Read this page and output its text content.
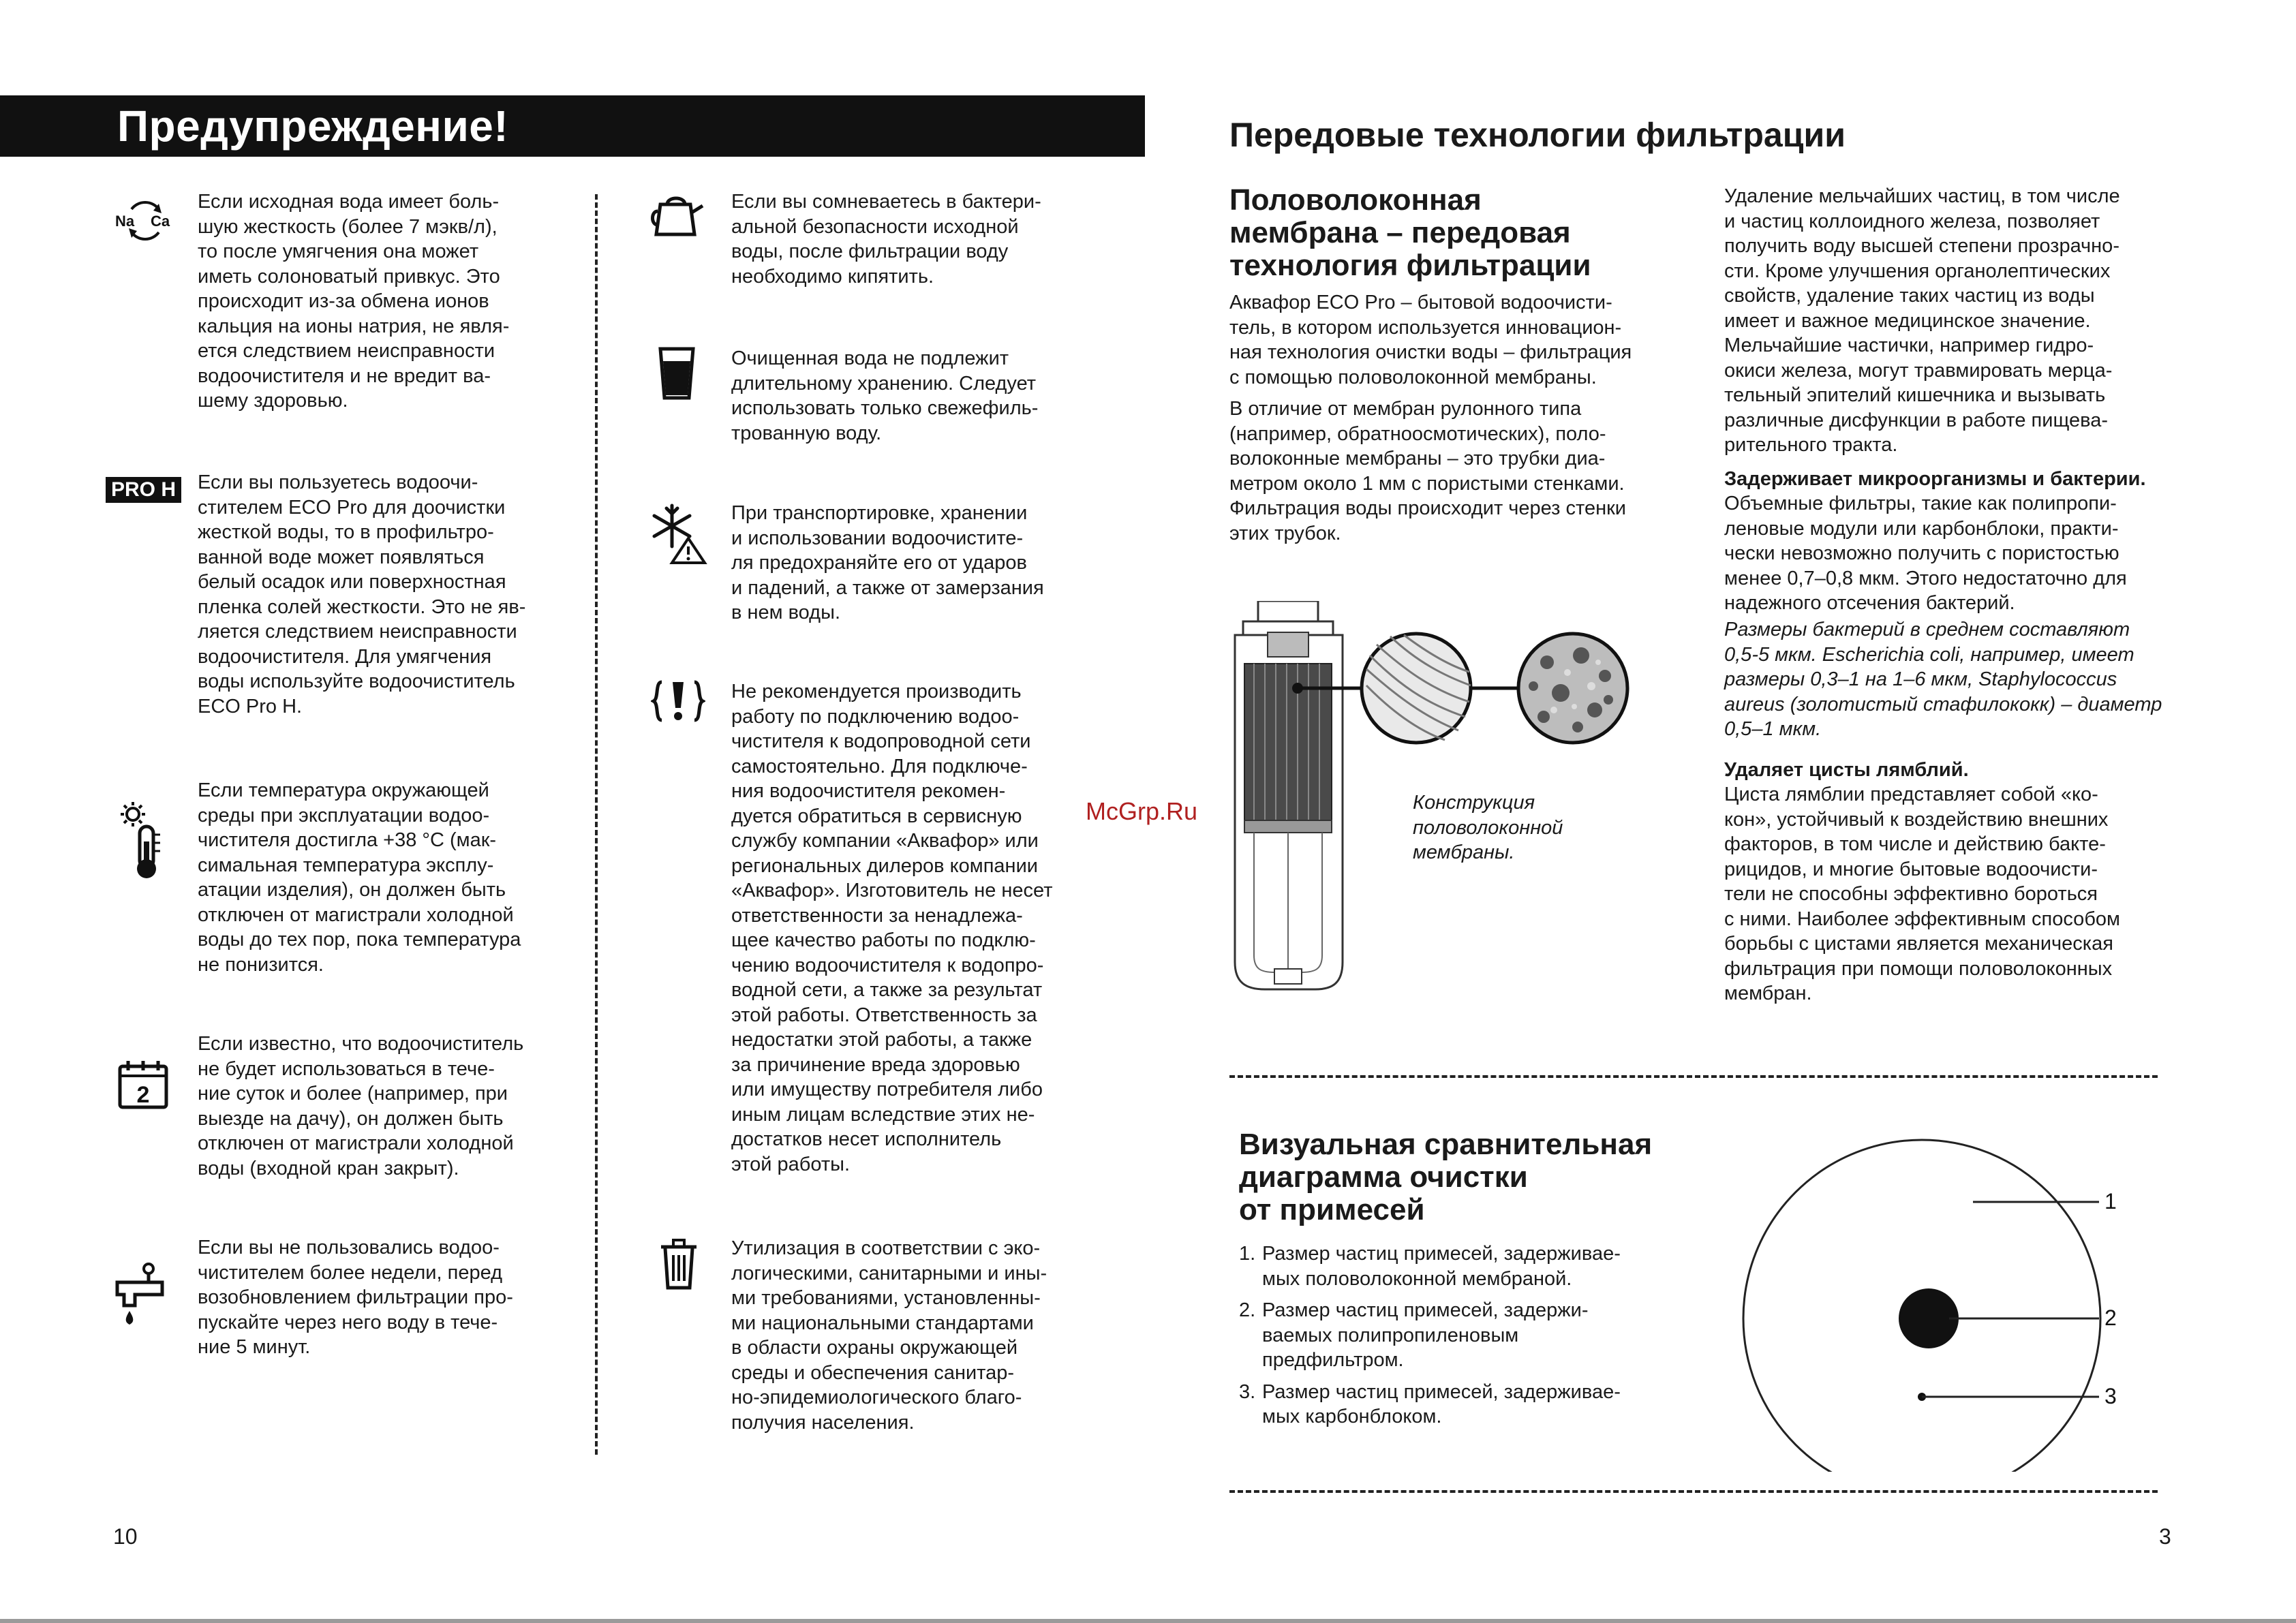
Предупреждение!
Na Ca
PRO H
2
Если исходная вода имеет боль-
шую жесткость (более 7 мэкв/л),
то после умягчения она может
иметь солоноватый привкус. Это
происходит из-за обмена ионов
кальция на ионы натрия, не явля-
ется следствием неисправности
водоочистителя и не вредит ва-
шему здоровью.
Если вы пользуетесь водоочи-
стителем ECO Pro для доочистки
жесткой воды, то в профильтро-
ванной воде может появляться
белый осадок или поверхностная
пленка солей жесткости. Это не яв-
ляется следствием неисправности
водоочистителя. Для умягчения
воды используйте водоочиститель
ECO Pro H.
Если температура окружающей
среды при эксплуатации водоо-
чистителя достигла +38 °С (мак-
симальная температура эксплу-
атации изделия), он должен быть
отключен от магистрали холодной
воды до тех пор, пока температура
не понизится.
Если известно, что водоочиститель
не будет использоваться в тече-
ние суток и более (например, при
выезде на дачу), он должен быть
отключен от магистрали холодной
воды (входной кран закрыт).
Если вы не пользовались водоо-
чистителем более недели, перед
возобновлением фильтрации про-
пускайте через него воду в тече-
ние 5 минут.
Если вы сомневаетесь в бактери-
альной безопасности исходной
воды, после фильтрации воду
необходимо кипятить.
Очищенная вода не подлежит
длительному хранению. Следует
использовать только свежефиль-
трованную воду.
При транспортировке, хранении
и использовании водоочистите-
ля предохраняйте его от ударов
и падений, а также от замерзания
в нем воды.
Не рекомендуется производить
работу по подключению водоо-
чистителя к водопроводной сети
самостоятельно. Для подключе-
ния водоочистителя рекомен-
дуется обратиться в сервисную
службу компании «Аквафор» или
региональных дилеров компании
«Аквафор». Изготовитель не несет
ответственности за ненадлежа-
щее качество работы по подклю-
чению водоочистителя к водопро-
водной сети, а также за результат
этой работы. Ответственность за
недостатки этой работы, а также
за причинение вреда здоровью
или имуществу потребителя либо
иным лицам вследствие этих не-
достатков несет исполнитель
этой работы.
Утилизация в соответствии с эко-
логическими, санитарными и ины-
ми требованиями, установленны-
ми национальными стандартами
в области охраны окружающей
среды и обеспечения санитар-
но-эпидемиологического благо-
получия населения.
10
McGrp.Ru
Передовые технологии фильтрации
Половолоконная
мембрана – передовая
технология фильтрации
Аквафор ECO Pro – бытовой водоочисти-
тель, в котором используется инновацион-
ная технология очистки воды – фильтрация
с помощью половолоконной мембраны.
В отличие от мембран рулонного типа
(например, обратноосмотических), поло-
волоконные мембраны – это трубки диа-
метром около 1 мм с пористыми стенками.
Фильтрация воды происходит через стенки
этих трубок.
Конструкция
половолоконной
мембраны.
Удаление мельчайших частиц, в том числе
и частиц коллоидного железа, позволяет
получить воду высшей степени прозрачно-
сти. Кроме улучшения органолептических
свойств, удаление таких частиц из воды
имеет и важное медицинское значение.
Мельчайшие частички, например гидро-
окиси железа, могут травмировать мерца-
тельный эпителий кишечника и вызывать
различные дисфункции в работе пищева-
рительного тракта.
Задерживает микроорганизмы и бактерии.
Объемные фильтры, такие как полипропи-
леновые модули или карбонблоки, практи-
чески невозможно получить с пористостью
менее 0,7–0,8 мкм. Этого недостаточно для
надежного отсечения бактерий.
Размеры бактерий в среднем составляют
0,5-5 мкм. Escherichia coli, например, имеет
размеры 0,3–1 на 1–6 мкм, Staphylococcus
aureus (золотистый стафилококк) – диаметр
0,5–1 мкм.
Удаляет цисты лямблий.
Циста лямблии представляет собой «ко-
кон», устойчивый к воздействию внешних
факторов, в том числе и действию бакте-
рицидов, и многие бытовые водоочисти-
тели не способны эффективно бороться
с ними. Наиболее эффективным способом
борьбы с цистами является механическая
фильтрация при помощи половолоконных
мембран.
Визуальная сравнительная
диаграмма очистки
от примесей
1. Размер частиц примесей, задерживае-
мых половолоконной мембраной.
2. Размер частиц примесей, задержи-
ваемых полипропиленовым
предфильтром.
3. Размер частиц примесей, задерживае-
мых карбонблоком.
1
2
3
3
